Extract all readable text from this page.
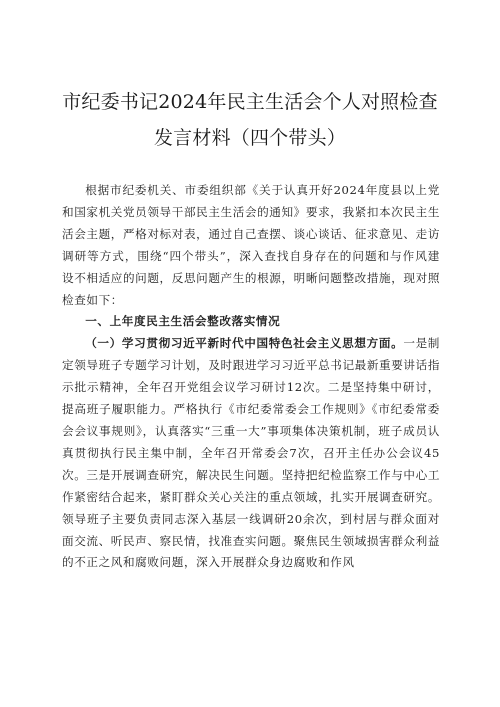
市纪委书记2024年民主生活会个人对照检查
发言材料（四个带头）

根据市纪委机关、市委组织部《关于认真开好2024年度县以上党和国家机关党员领导干部民主生活会的通知》要求，我紧扣本次民主生活会主题，严格对标对表，通过自己查摆、谈心谈话、征求意见、走访调研等方式，围绕“四个带头”，深入查找自身存在的问题和与作风建设不相适应的问题，反思问题产生的根源，明晰问题整改措施，现对照检查如下：

一、上年度民主生活会整改落实情况

（一）学习贯彻习近平新时代中国特色社会主义思想方面。一是制定领导班子专题学习计划，及时跟进学习习近平总书记最新重要讲话指示批示精神，全年召开党组会议学习研讨12次。二是坚持集中研讨，提高班子履职能力。严格执行《市纪委常委会工作规则》《市纪委常委会会议事规则》，认真落实“三重一大”事项集体决策机制，班子成员认真贯彻执行民主集中制，全年召开常委会7次，召开主任办公会议45次。三是开展调查研究，解决民生问题。坚持把纪检监察工作与中心工作紧密结合起来，紧盯群众关心关注的重点领域，扎实开展调查研究。领导班子主要负责同志深入基层一线调研20余次，到村居与群众面对面交流、听民声、察民情，找准查实问题。聚焦民生领域损害群众利益的不正之风和腐败问题，深入开展群众身边腐败和作风
